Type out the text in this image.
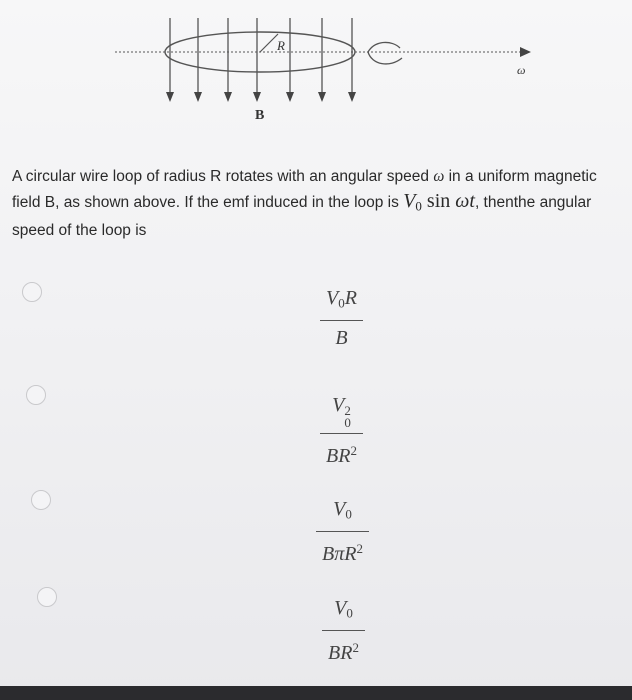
R
B
ω
A circular wire loop of radius R rotates with an angular speed ω in a uniform magnetic field B, as shown above. If the emf induced in the loop is $V_0$ sin ωt, thenthe angular speed of the loop is
$V_0R$
B
V 2
0
$BR^2$
$V_0$
BπR$^2$
$V_0$
$BR^2$
